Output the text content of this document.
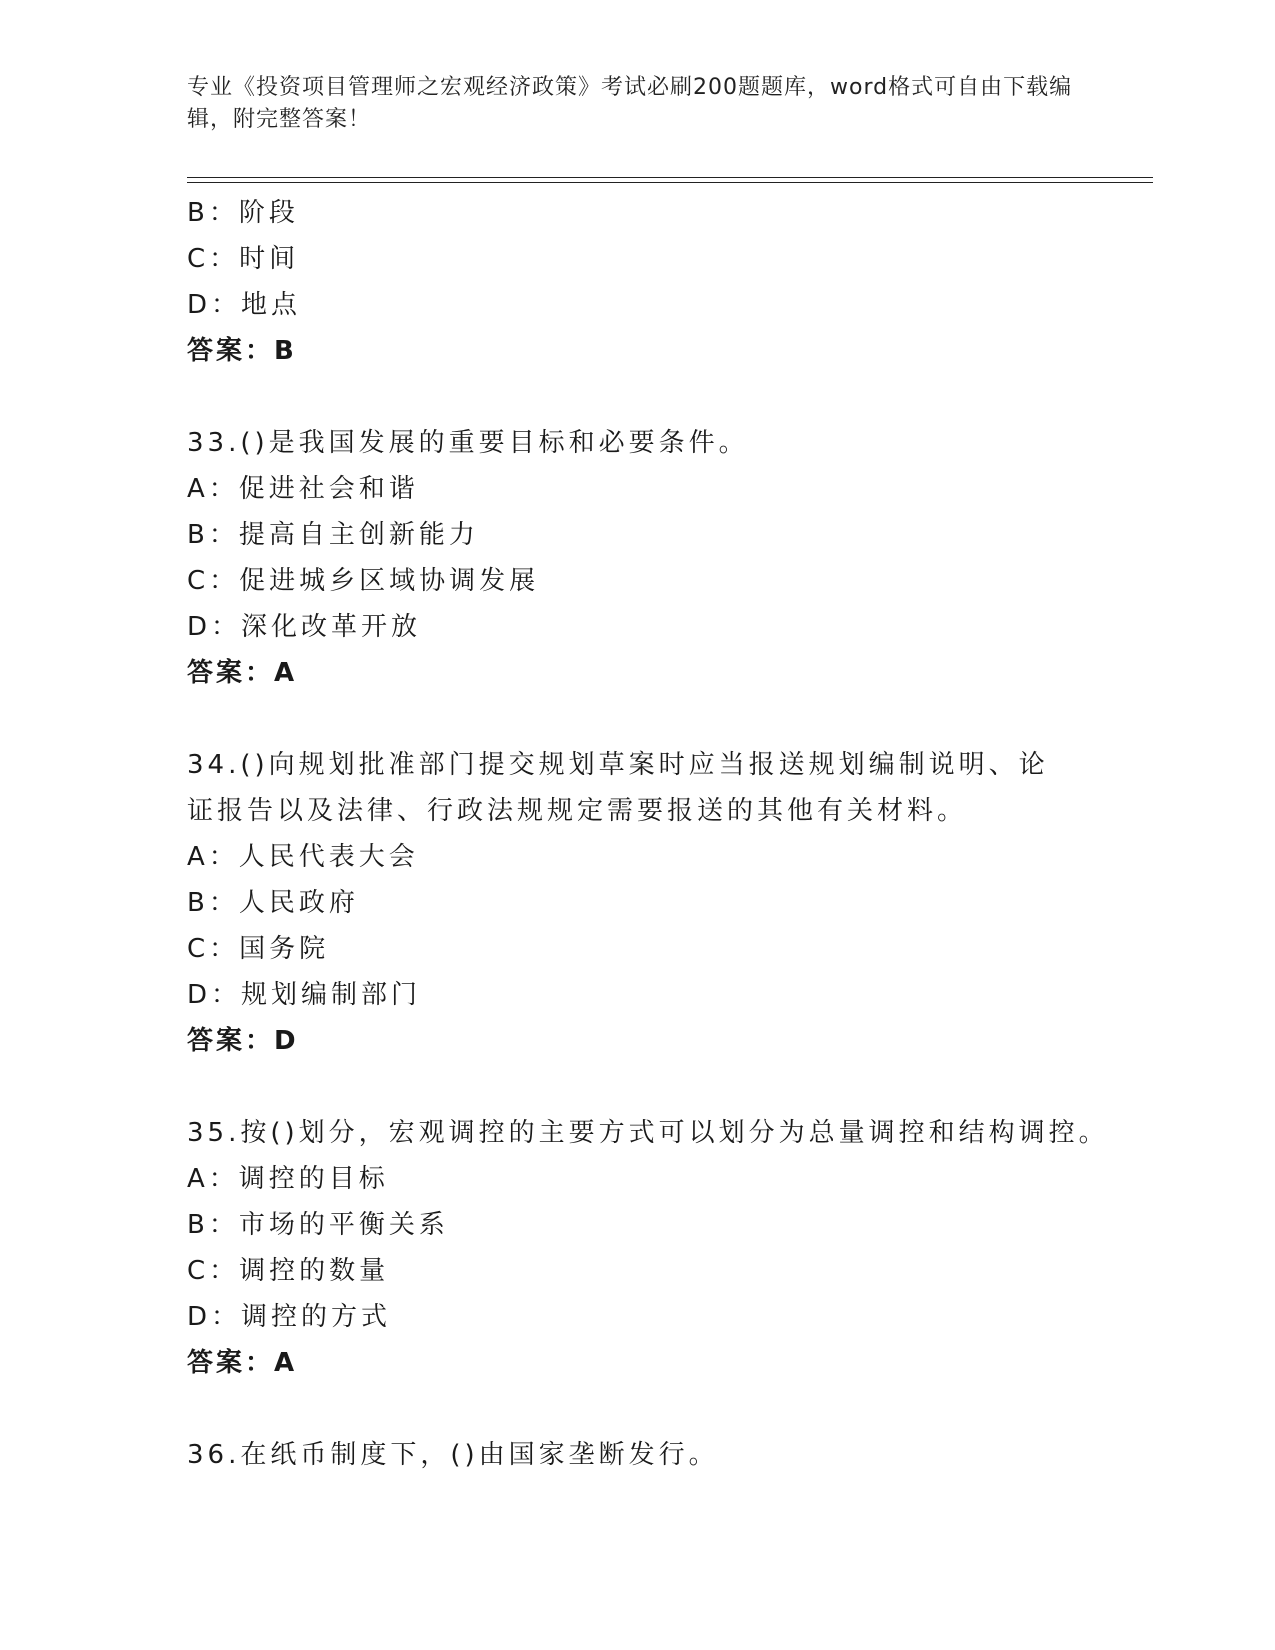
专业《投资项目管理师之宏观经济政策》考试必刷200题题库，word格式可自由下载编辑，附完整答案！
B：阶段
C：时间
D：地点
答案：B
33.()是我国发展的重要目标和必要条件。
A：促进社会和谐
B：提高自主创新能力
C：促进城乡区域协调发展
D：深化改革开放
答案：A
34.()向规划批准部门提交规划草案时应当报送规划编制说明、论证报告以及法律、行政法规规定需要报送的其他有关材料。
A：人民代表大会
B：人民政府
C：国务院
D：规划编制部门
答案：D
35.按()划分，宏观调控的主要方式可以划分为总量调控和结构调控。
A：调控的目标
B：市场的平衡关系
C：调控的数量
D：调控的方式
答案：A
36.在纸币制度下，()由国家垄断发行。
